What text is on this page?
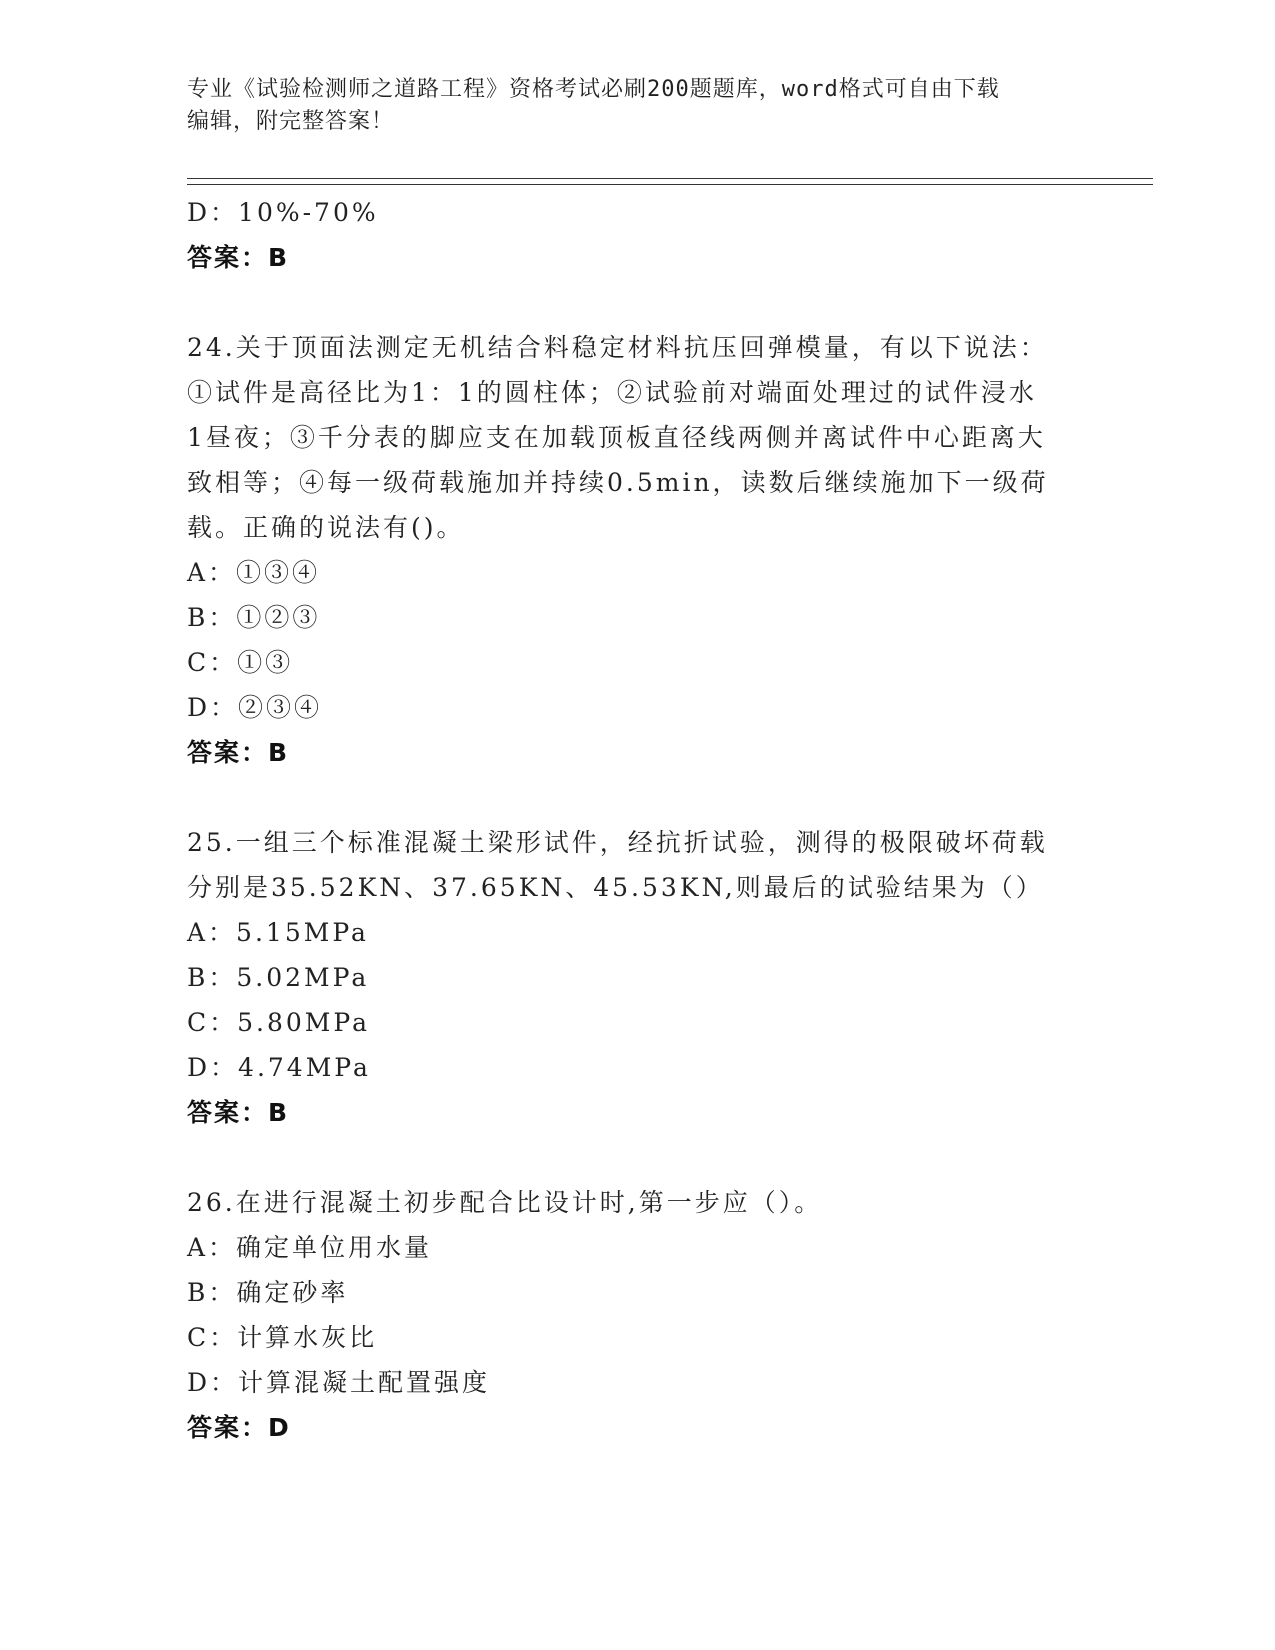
专业《试验检测师之道路工程》资格考试必刷200题题库，word格式可自由下载
编辑，附完整答案！
D：10%-70%
答案：B
24.关于顶面法测定无机结合料稳定材料抗压回弹模量，有以下说法：
①试件是高径比为1：1的圆柱体；②试验前对端面处理过的试件浸水
1昼夜；③千分表的脚应支在加载顶板直径线两侧并离试件中心距离大
致相等；④每一级荷载施加并持续0.5min，读数后继续施加下一级荷
载。正确的说法有()。
A：①③④
B：①②③
C：①③
D：②③④
答案：B
25.一组三个标准混凝土梁形试件，经抗折试验，测得的极限破坏荷载
分别是35.52KN、37.65KN、45.53KN,则最后的试验结果为（）
A：5.15MPa
B：5.02MPa
C：5.80MPa
D：4.74MPa
答案：B
26.在进行混凝土初步配合比设计时,第一步应（）。
A：确定单位用水量
B：确定砂率
C：计算水灰比
D：计算混凝土配置强度
答案：D
